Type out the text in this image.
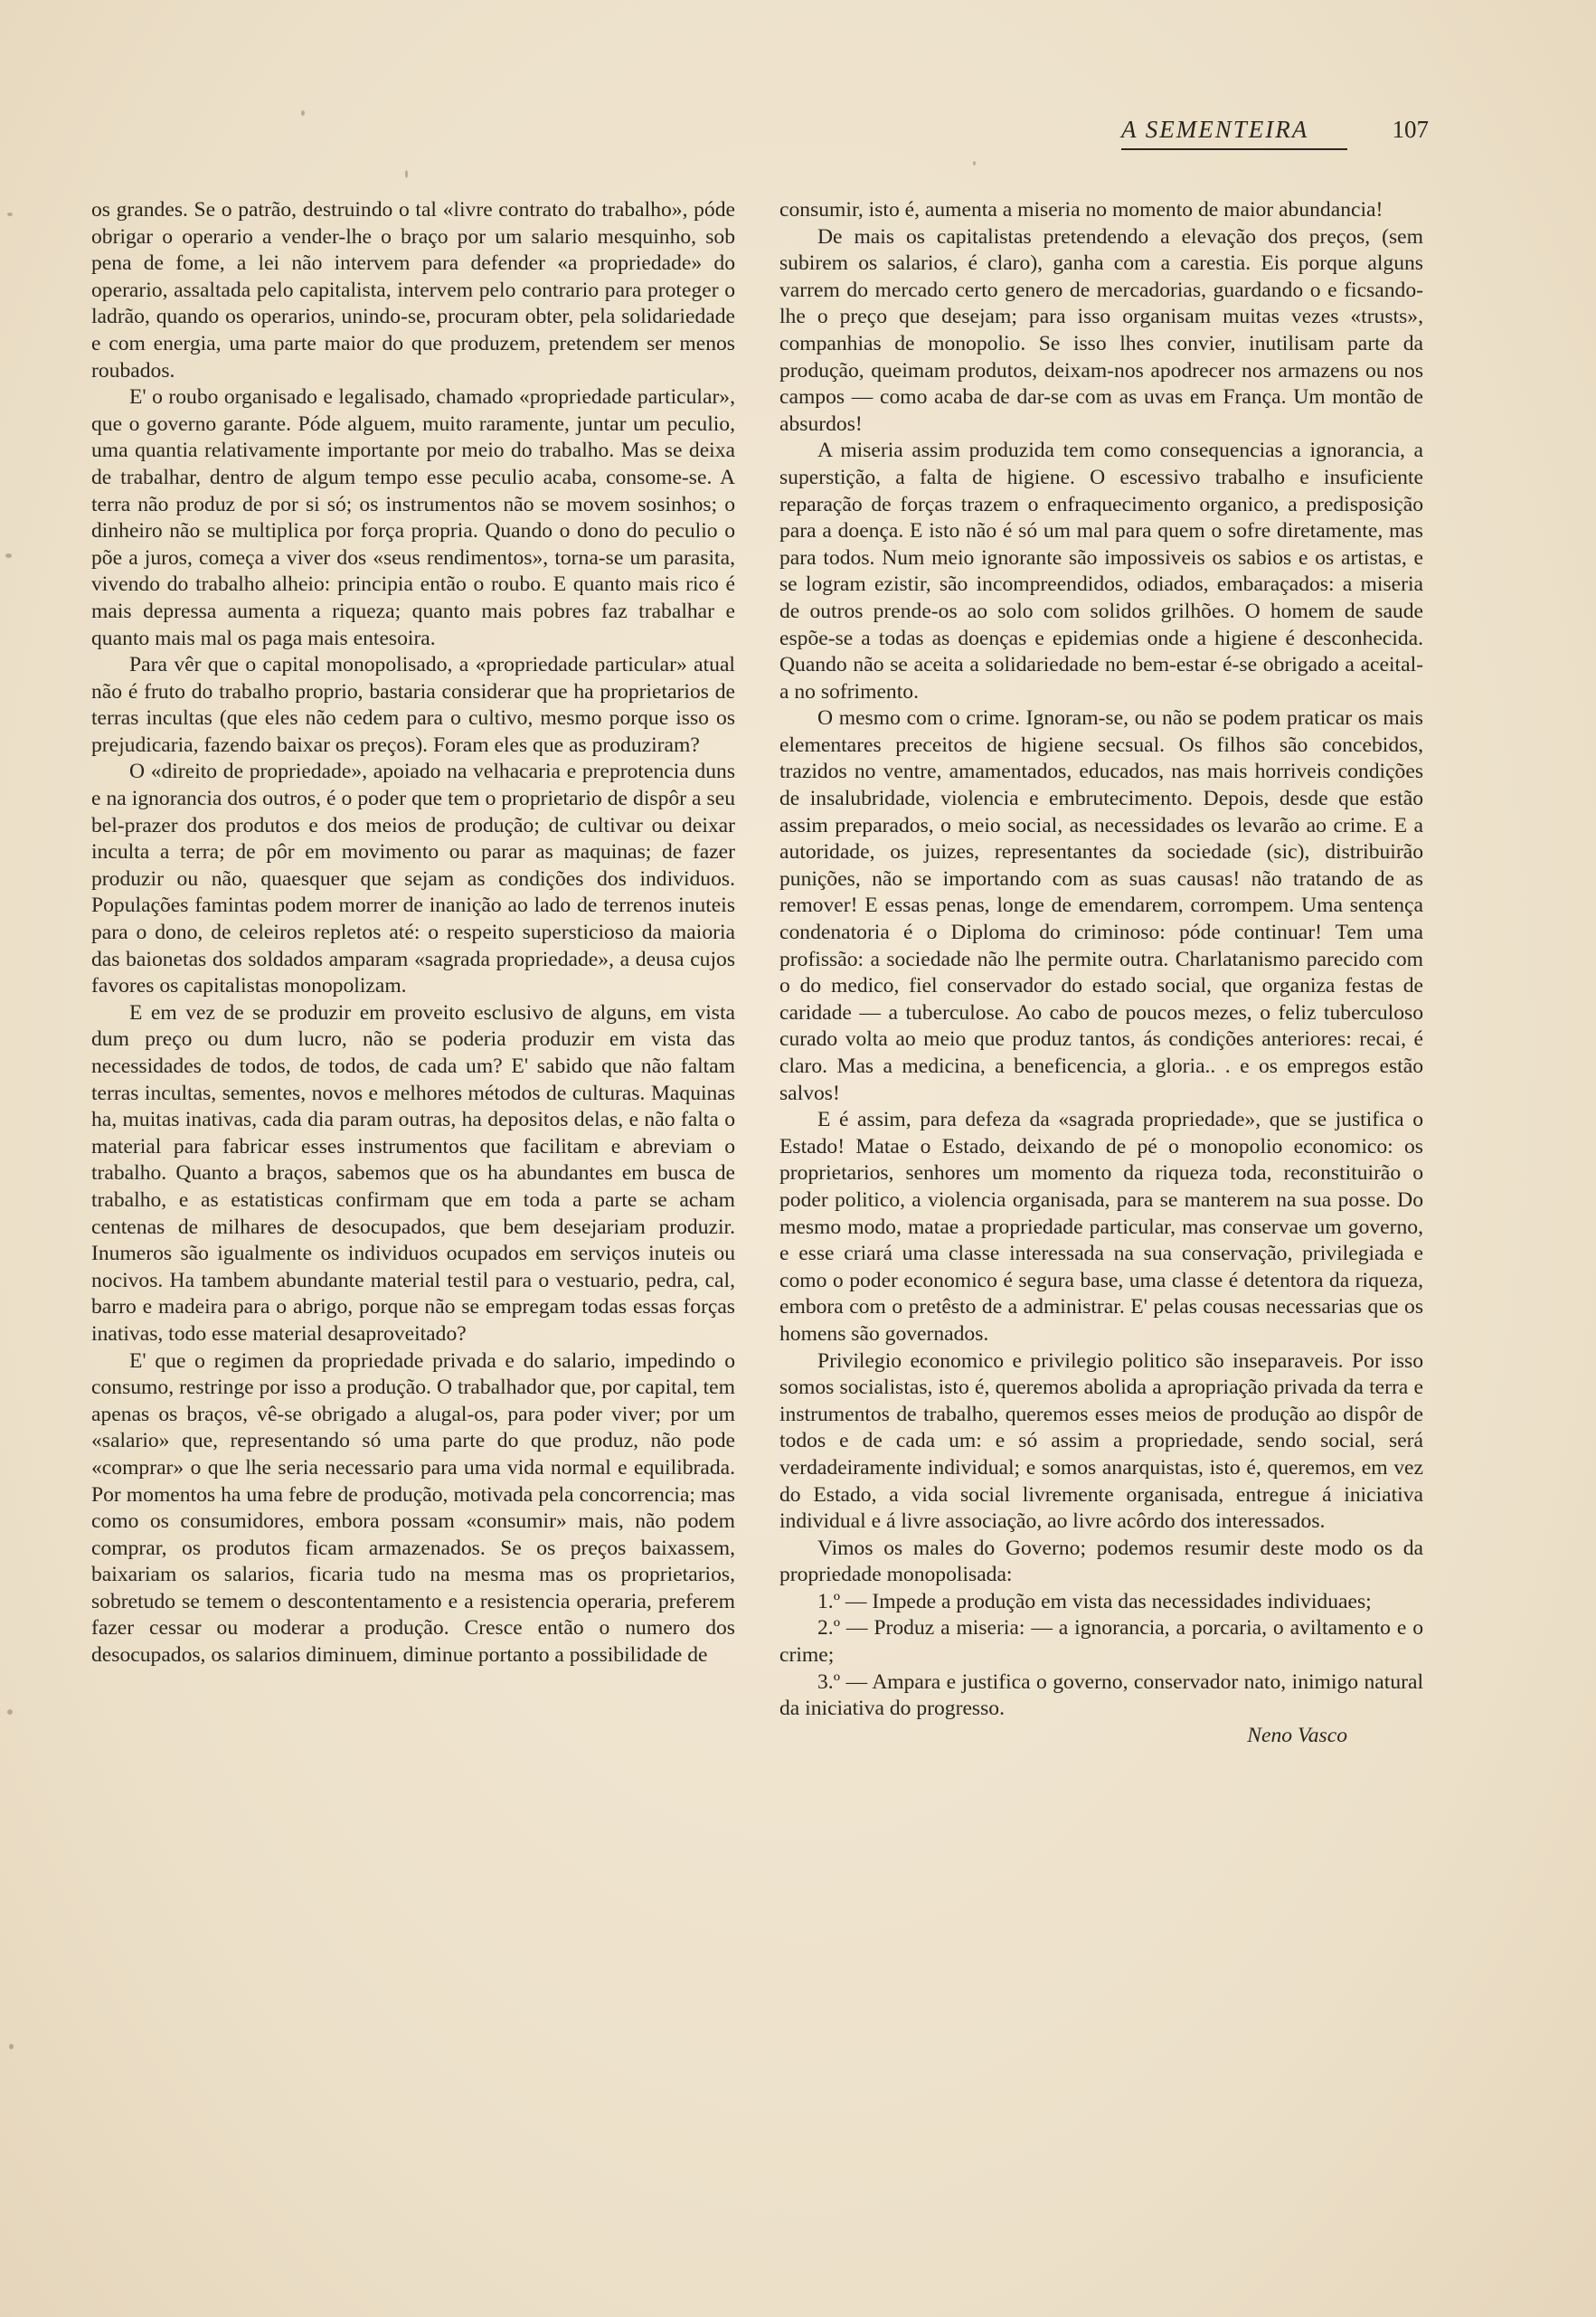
A SEMENTEIRA	107

os grandes. Se o patrão, destruindo o tal «livre contrato do trabalho», póde obrigar o operario a vender-lhe o braço por um salario mesquinho, sob pena de fome, a lei não intervem para defender «a propriedade» do operario, assaltada pelo capitalista, intervem pelo contrario para proteger o ladrão, quando os operarios, unindo-se, procuram obter, pela solidariedade e com energia, uma parte maior do que produzem, pretendem ser menos roubados.

E' o roubo organisado e legalisado, chamado «propriedade particular», que o governo garante. Póde alguem, muito raramente, juntar um peculio, uma quantia relativamente importante por meio do trabalho. Mas se deixa de trabalhar, dentro de algum tempo esse peculio acaba, consome-se. A terra não produz de por si só; os instrumentos não se movem sosinhos; o dinheiro não se multiplica por força propria. Quando o dono do peculio o põe a juros, começa a viver dos «seus rendimentos», torna-se um parasita, vivendo do trabalho alheio: principia então o roubo. E quanto mais rico é mais depressa aumenta a riqueza; quanto mais pobres faz trabalhar e quanto mais mal os paga mais entesoira.

Para vêr que o capital monopolisado, a «propriedade particular» atual não é fruto do trabalho proprio, bastaria considerar que ha proprietarios de terras incultas (que eles não cedem para o cultivo, mesmo porque isso os prejudicaria, fazendo baixar os preços). Foram eles que as produziram?

O «direito de propriedade», apoiado na velhacaria e preprotencia duns e na ignorancia dos outros, é o poder que tem o proprietario de dispôr a seu bel-prazer dos produtos e dos meios de produção; de cultivar ou deixar inculta a terra; de pôr em movimento ou parar as maquinas; de fazer produzir ou não, quaesquer que sejam as condições dos individuos. Populações famintas podem morrer de inanição ao lado de terrenos inuteis para o dono, de celeiros repletos até: o respeito supersticioso da maioria das baionetas dos soldados amparam «sagrada propriedade», a deusa cujos favores os capitalistas monopolizam.

E em vez de se produzir em proveito esclusivo de alguns, em vista dum preço ou dum lucro, não se poderia produzir em vista das necessidades de todos, de todos, de cada um? E' sabido que não faltam terras incultas, sementes, novos e melhores métodos de culturas. Maquinas ha, muitas inativas, cada dia param outras, ha depositos delas, e não falta o material para fabricar esses instrumentos que facilitam e abreviam o trabalho. Quanto a braços, sabemos que os ha abundantes em busca de trabalho, e as estatisticas confirmam que em toda a parte se acham centenas de milhares de desocupados, que bem desejariam produzir. Inumeros são igualmente os individuos ocupados em serviços inuteis ou nocivos. Ha tambem abundante material testil para o vestuario, pedra, cal, barro e madeira para o abrigo, porque não se empregam todas essas forças inativas, todo esse material desaproveitado?

E' que o regimen da propriedade privada e do salario, impedindo o consumo, restringe por isso a produção. O trabalhador que, por capital, tem apenas os braços, vê-se obrigado a alugal-os, para poder viver; por um «salario» que, representando só uma parte do que produz, não pode «comprar» o que lhe seria necessario para uma vida normal e equilibrada. Por momentos ha uma febre de produção, motivada pela concorrencia; mas como os consumidores, embora possam «consumir» mais, não podem comprar, os produtos ficam armazenados. Se os preços baixassem, baixariam os salarios, ficaria tudo na mesma mas os proprietarios, sobretudo se temem o descontentamento e a resistencia operaria, preferem fazer cessar ou moderar a produção. Cresce então o numero dos desocupados, os salarios diminuem, diminue portanto a possibilidade de

consumir, isto é, aumenta a miseria no momento de maior abundancia!

De mais os capitalistas pretendendo a elevação dos preços, (sem subirem os salarios, é claro), ganha com a carestia. Eis porque alguns varrem do mercado certo genero de mercadorias, guardando o e ficsando-lhe o preço que desejam; para isso organisam muitas vezes «trusts», companhias de monopolio. Se isso lhes convier, inutilisam parte da produção, queimam produtos, deixam-nos apodrecer nos armazens ou nos campos — como acaba de dar-se com as uvas em França. Um montão de absurdos!

A miseria assim produzida tem como consequencias a ignorancia, a superstição, a falta de higiene. O escessivo trabalho e insuficiente reparação de forças trazem o enfraquecimento organico, a predisposição para a doença. E isto não é só um mal para quem o sofre diretamente, mas para todos. Num meio ignorante são impossiveis os sabios e os artistas, e se logram ezistir, são incompreendidos, odiados, embaraçados: a miseria de outros prende-os ao solo com solidos grilhões. O homem de saude espõe-se a todas as doenças e epidemias onde a higiene é desconhecida. Quando não se aceita a solidariedade no bem-estar é-se obrigado a aceital-a no sofrimento.

O mesmo com o crime. Ignoram-se, ou não se podem praticar os mais elementares preceitos de higiene secsual. Os filhos são concebidos, trazidos no ventre, amamentados, educados, nas mais horriveis condições de insalubridade, violencia e embrutecimento. Depois, desde que estão assim preparados, o meio social, as necessidades os levarão ao crime. E a autoridade, os juizes, representantes da sociedade (sic), distribuirão punições, não se importando com as suas causas! não tratando de as remover! E essas penas, longe de emendarem, corrompem. Uma sentença condenatoria é o Diploma do criminoso: póde continuar! Tem uma profissão: a sociedade não lhe permite outra. Charlatanismo parecido com o do medico, fiel conservador do estado social, que organiza festas de caridade — a tuberculose. Ao cabo de poucos mezes, o feliz tuberculoso curado volta ao meio que produz tantos, ás condições anteriores: recai, é claro. Mas a medicina, a beneficencia, a gloria.. . e os empregos estão salvos!

E é assim, para defeza da «sagrada propriedade», que se justifica o Estado! Matae o Estado, deixando de pé o monopolio economico: os proprietarios, senhores um momento da riqueza toda, reconstituirão o poder politico, a violencia organisada, para se manterem na sua posse. Do mesmo modo, matae a propriedade particular, mas conservae um governo, e esse criará uma classe interessada na sua conservação, privilegiada e como o poder economico é segura base, uma classe é detentora da riqueza, embora com o pretêsto de a administrar. E' pelas cousas necessarias que os homens são governados.

Privilegio economico e privilegio politico são inseparaveis. Por isso somos socialistas, isto é, queremos abolida a apropriação privada da terra e instrumentos de trabalho, queremos esses meios de produção ao dispôr de todos e de cada um: e só assim a propriedade, sendo social, será verdadeiramente individual; e somos anarquistas, isto é, queremos, em vez do Estado, a vida social livremente organisada, entregue á iniciativa individual e á livre associação, ao livre acôrdo dos interessados.

Vimos os males do Governo; podemos resumir deste modo os da propriedade monopolisada:

1.º — Impede a produção em vista das necessidades individuaes;

2.º — Produz a miseria: — a ignorancia, a porcaria, o aviltamento e o crime;

3.º — Ampara e justifica o governo, conservador nato, inimigo natural da iniciativa do progresso.

Neno Vasco
